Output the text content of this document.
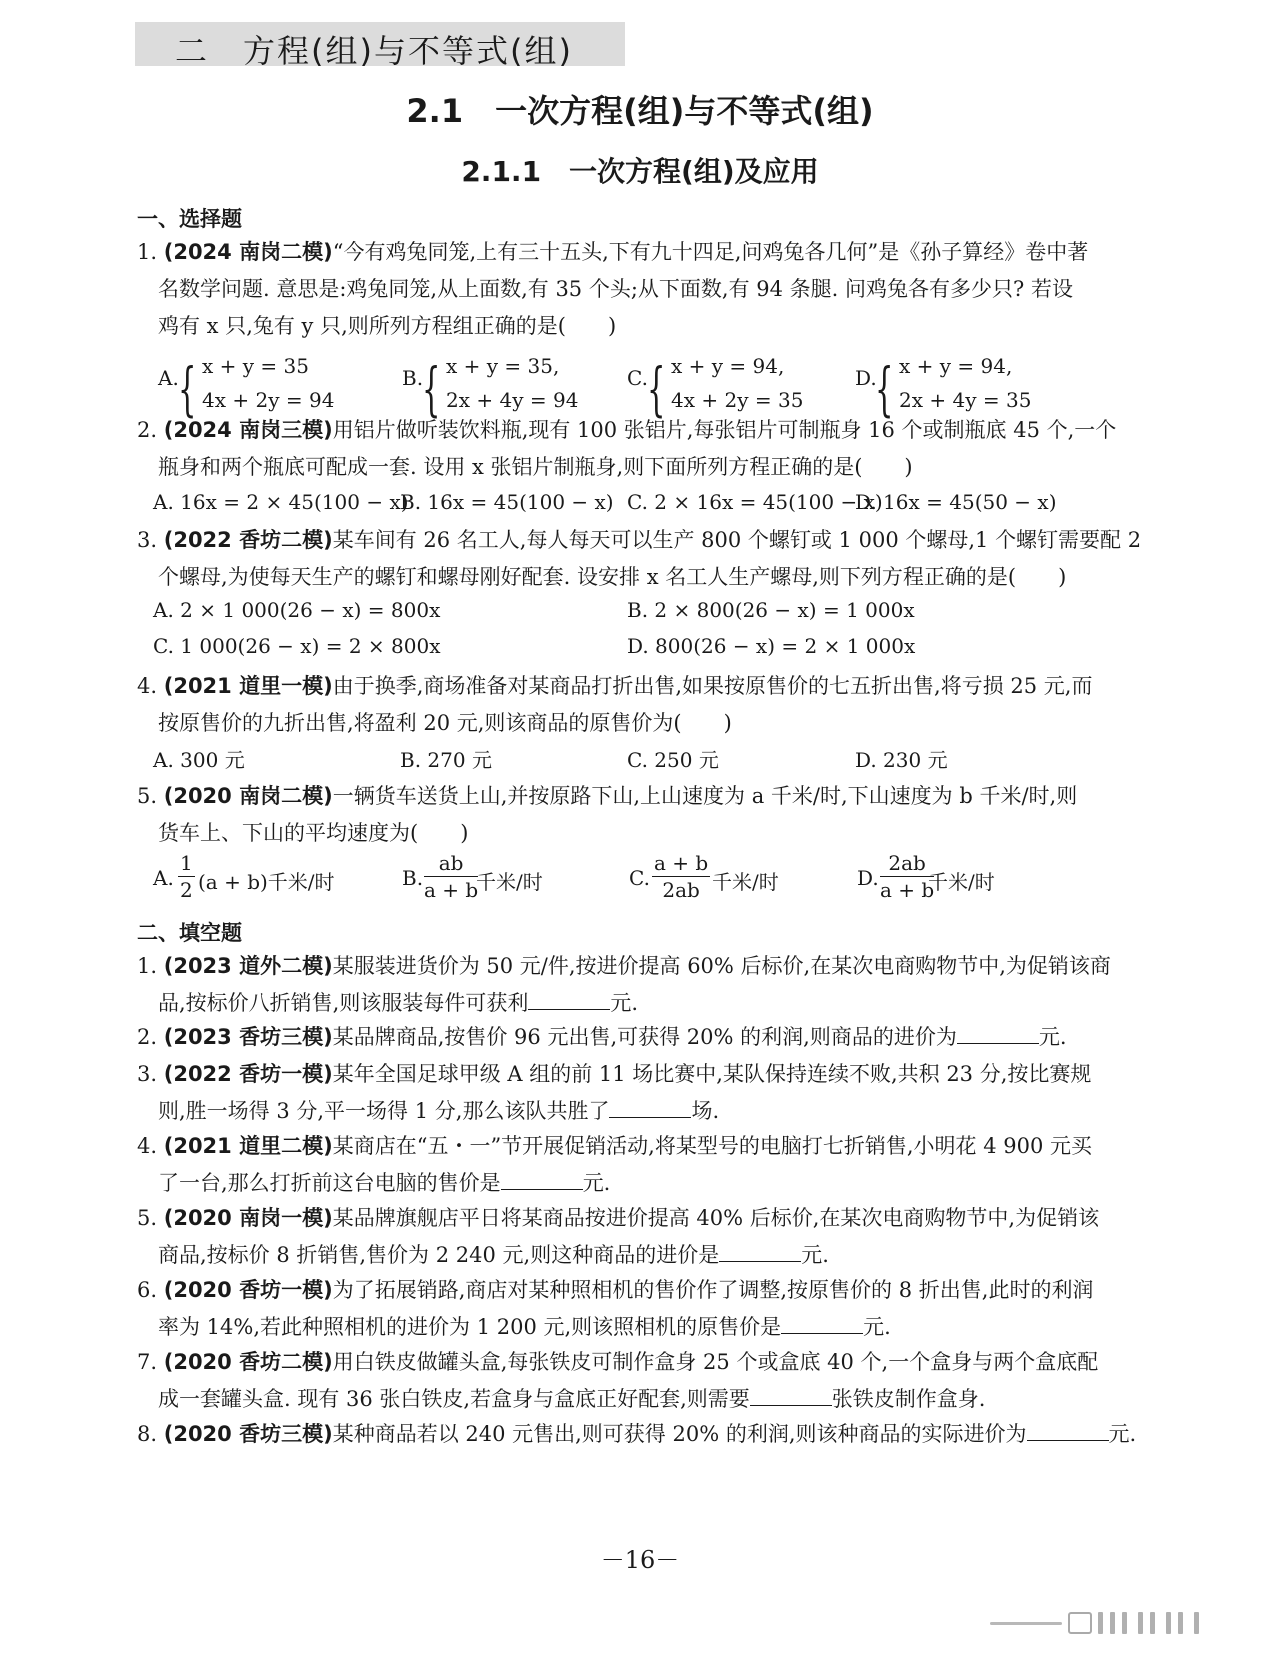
二　方程(组)与不等式(组)
2.1　一次方程(组)与不等式(组)
2.1.1　一次方程(组)及应用
一、选择题
1. (2024 南岗二模)“今有鸡兔同笼,上有三十五头,下有九十四足,问鸡兔各几何”是《孙子算经》卷中著
名数学问题. 意思是:鸡兔同笼,从上面数,有 35 个头;从下面数,有 94 条腿. 问鸡兔各有多少只? 若设
鸡有 x 只,兔有 y 只,则所列方程组正确的是(　　)
A. { x + y = 35
4x + 2y = 94
B.
{ x + y = 35,
2x + 4y = 94
C. { x + y = 94,
4x + 2y = 35
D.
{ x + y = 94,
2x + 4y = 35
2. (2024 南岗三模)用铝片做听装饮料瓶,现有 100 张铝片,每张铝片可制瓶身 16 个或制瓶底 45 个,一个
瓶身和两个瓶底可配成一套. 设用 x 张铝片制瓶身,则下面所列方程正确的是(　　)
A. 16x = 2 × 45(100 − x)
B. 16x = 45(100 − x) C. 2 × 16x = 45(100 − x)
D. 16x = 45(50 − x)
3. (2022 香坊二模)某车间有 26 名工人,每人每天可以生产 800 个螺钉或 1 000 个螺母,1 个螺钉需要配 2
个螺母,为使每天生产的螺钉和螺母刚好配套. 设安排 x 名工人生产螺母,则下列方程正确的是(　　)
A. 2 × 1 000(26 − x) = 800x	B. 2 × 800(26 − x) = 1 000x
C. 1 000(26 − x) = 2 × 800x	D. 800(26 − x) = 2 × 1 000x
4. (2021 道里一模)由于换季,商场准备对某商品打折出售,如果按原售价的七五折出售,将亏损 25 元,而
按原售价的九折出售,将盈利 20 元,则该商品的原售价为(　　)
A. 300 元	B. 270 元	C. 250 元	D. 230 元
5. (2020 南岗二模)一辆货车送货上山,并按原路下山,上山速度为 a 千米/时,下山速度为 b 千米/时,则
货车上、下山的平均速度为(　　)
A. $\frac{1}{2} (a + b)$千米/时	B. $\frac{ab}{a + b}$
千米/时	C. $\frac{a + b}{2ab}$ 千米/时	D. $\frac{2ab}{a + b}$
千米/时
二、填空题
1. (2023 道外二模)某服装进货价为 50 元/件,按进价提高 60% 后标价,在某次电商购物节中,为促销该商
品,按标价八折销售,则该服装每件可获利	元.
2. (2023 香坊三模)某品牌商品,按售价 96 元出售,可获得 20% 的利润,则商品的进价为	元.
3. (2022 香坊一模)某年全国足球甲级 A 组的前 11 场比赛中,某队保持连续不败,共积 23 分,按比赛规
则,胜一场得 3 分,平一场得 1 分,那么该队共胜了	场.
4. (2021 道里二模)某商店在“五・一”节开展促销活动,将某型号的电脑打七折销售,小明花 4 900 元买
了一台,那么打折前这台电脑的售价是	元.
5. (2020 南岗一模)某品牌旗舰店平日将某商品按进价提高 40% 后标价,在某次电商购物节中,为促销该
商品,按标价 8 折销售,售价为 2 240 元,则这种商品的进价是	元.
6. (2020 香坊一模)为了拓展销路,商店对某种照相机的售价作了调整,按原售价的 8 折出售,此时的利润
率为 14%,若此种照相机的进价为 1 200 元,则该照相机的原售价是	元.
7. (2020 香坊二模)用白铁皮做罐头盒,每张铁皮可制作盒身 25 个或盒底 40 个,一个盒身与两个盒底配
成一套罐头盒. 现有 36 张白铁皮,若盒身与盒底正好配套,则需要	张铁皮制作盒身.
8. (2020 香坊三模)某种商品若以 240 元售出,则可获得 20% 的利润,则该种商品的实际进价为	元.
－16－
